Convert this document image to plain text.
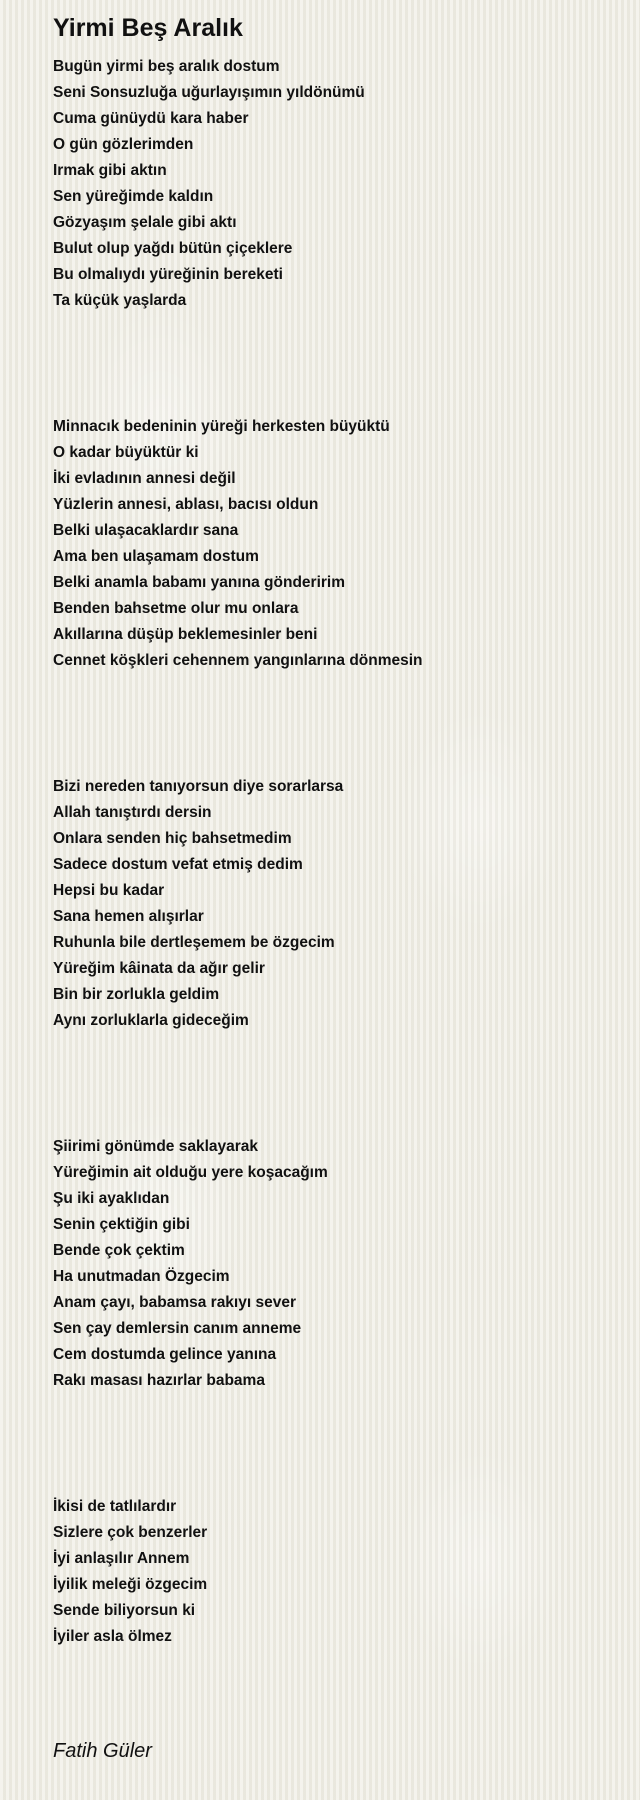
Yirmi Beş Aralık
Bugün yirmi beş aralık dostum
Seni Sonsuzluğa uğurlayışımın yıldönümü
Cuma günüydü kara haber
O gün gözlerimden
Irmak gibi aktın
Sen yüreğimde kaldın
Gözyaşım şelale gibi aktı
Bulut olup yağdı bütün çiçeklere
Bu olmalıydı yüreğinin bereketi
Ta küçük yaşlarda
Minnacık bedeninin yüreği herkesten büyüktü
O kadar büyüktür ki
İki evladının annesi değil
Yüzlerin annesi, ablası, bacısı oldun
Belki ulaşacaklardır sana
Ama ben ulaşamam dostum
Belki anamla babamı yanına gönderirim
Benden bahsetme olur mu onlara
Akıllarına düşüp beklemesinler beni
Cennet köşkleri cehennem yangınlarına dönmesin
Bizi nereden tanıyorsun diye sorarlarsa
Allah tanıştırdı dersin
Onlara senden hiç bahsetmedim
Sadece dostum vefat etmiş dedim
Hepsi bu kadar
Sana hemen alışırlar
Ruhunla bile dertleşemem be özgecim
Yüreğim kâinata da ağır gelir
Bin bir zorlukla geldim
Aynı zorluklarla gideceğim
Şiirimi gönümde saklayarak
Yüreğimin ait olduğu yere koşacağım
Şu iki ayaklıdan
Senin çektiğin gibi
Bende çok çektim
Ha unutmadan Özgecim
Anam çayı, babamsa rakıyı sever
Sen çay demlersin canım anneme
Cem dostumda gelince yanına
Rakı masası hazırlar babama
İkisi de tatlılardır
Sizlere çok benzerler
İyi anlaşılır Annem
İyilik meleği özgecim
Sende biliyorsun ki
İyiler asla ölmez
Fatih Güler
